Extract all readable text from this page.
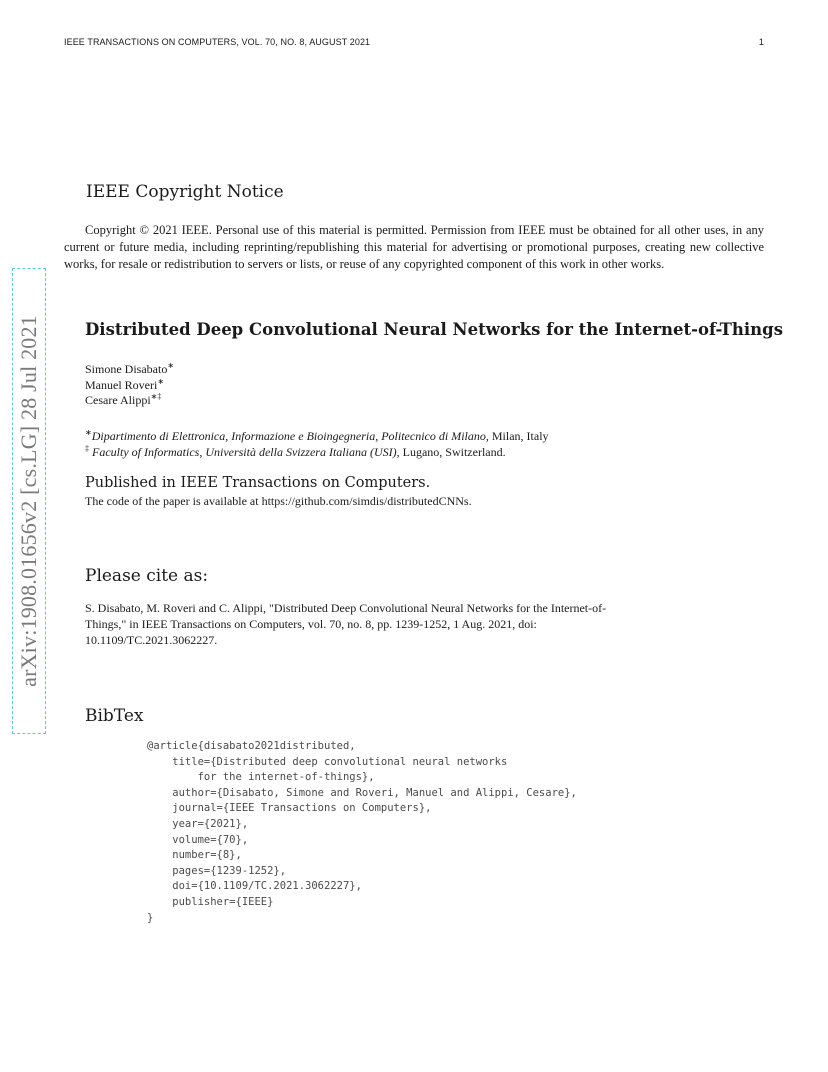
IEEE TRANSACTIONS ON COMPUTERS, VOL. 70, NO. 8, AUGUST 2021	1
arXiv:1908.01656v2 [cs.LG] 28 Jul 2021
IEEE Copyright Notice

Copyright © 2021 IEEE. Personal use of this material is permitted. Permission from IEEE must be obtained for all other uses, in any current or future media, including reprinting/republishing this material for advertising or promotional purposes, creating new collective works, for resale or redistribution to servers or lists, or reuse of any copyrighted component of this work in other works.

Distributed Deep Convolutional Neural Networks for the Internet-of-Things
Simone Disabato∗
Manuel Roveri∗
Cesare Alippi∗‡
∗Dipartimento di Elettronica, Informazione e Bioingegneria, Politecnico di Milano, Milan, Italy
‡ Faculty of Informatics, Università della Svizzera Italiana (USI), Lugano, Switzerland.
Published in IEEE Transactions on Computers.
The code of the paper is available at https://github.com/simdis/distributedCNNs.
Please cite as:
S. Disabato, M. Roveri and C. Alippi, "Distributed Deep Convolutional Neural Networks for the Internet-of-Things," in IEEE Transactions on Computers, vol. 70, no. 8, pp. 1239-1252, 1 Aug. 2021, doi: 10.1109/TC.2021.3062227.
BibTex
@article{disabato2021distributed,
title={Distributed deep convolutional neural networks
for the internet-of-things},
author={Disabato, Simone and Roveri, Manuel and Alippi, Cesare},
journal={IEEE Transactions on Computers},
year={2021},
volume={70},
number={8},
pages={1239-1252},
doi={10.1109/TC.2021.3062227},
publisher={IEEE}
}
